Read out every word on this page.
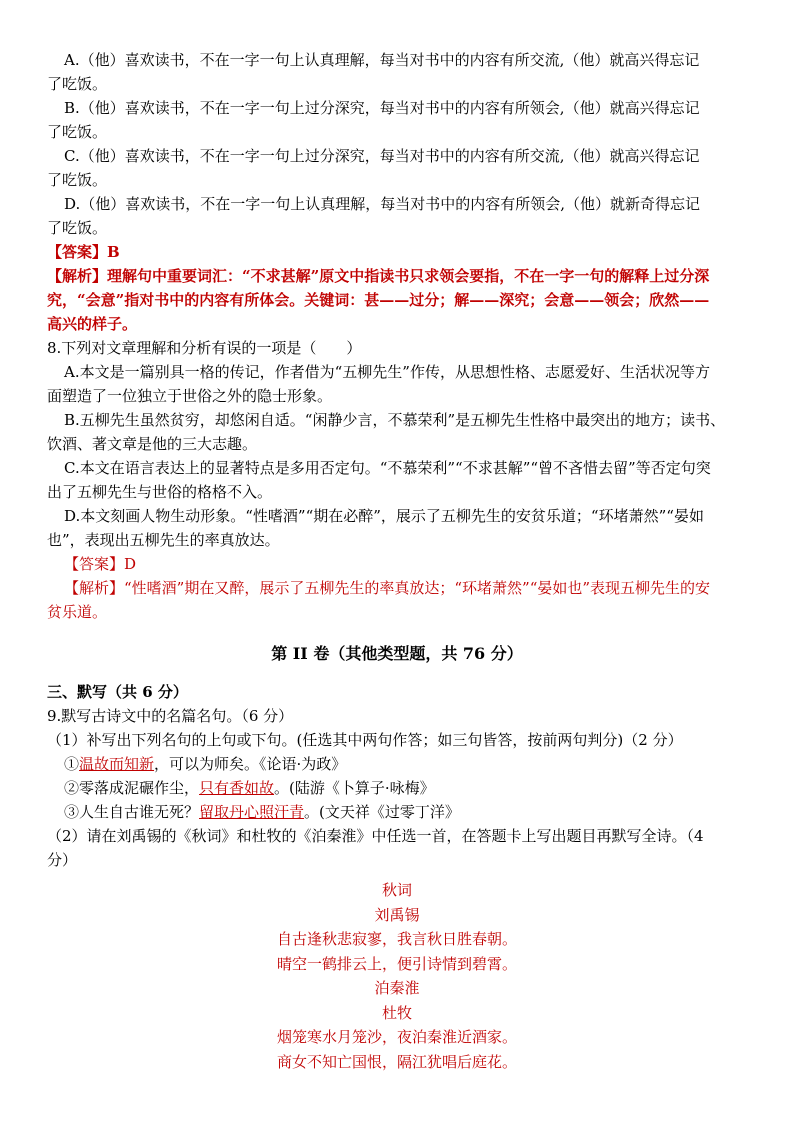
A.（他）喜欢读书，不在一字一句上认真理解，每当对书中的内容有所交流,（他）就高兴得忘记

了吃饭。

B.（他）喜欢读书，不在一字一句上过分深究，每当对书中的内容有所领会,（他）就高兴得忘记

了吃饭。

C.（他）喜欢读书，不在一字一句上过分深究，每当对书中的内容有所交流,（他）就高兴得忘记

了吃饭。

D.（他）喜欢读书，不在一字一句上认真理解，每当对书中的内容有所领会,（他）就新奇得忘记

了吃饭。

【答案】B

【解析】理解句中重要词汇：“不求甚解”原文中指读书只求领会要指，不在一字一句的解释上过分深

究，“会意”指对书中的内容有所体会。关键词：甚——过分；解——深究；会意——领会；欣然——

高兴的样子。

8.下列对文章理解和分析有误的一项是（　　）

A.本文是一篇别具一格的传记，作者借为“五柳先生”作传，从思想性格、志愿爱好、生活状况等方

面塑造了一位独立于世俗之外的隐士形象。

B.五柳先生虽然贫穷，却悠闲自适。“闲静少言，不慕荣利”是五柳先生性格中最突出的地方；读书、

饮酒、著文章是他的三大志趣。

C.本文在语言表达上的显著特点是多用否定句。“不慕荣利”“不求甚解”“曾不吝惜去留”等否定句突

出了五柳先生与世俗的格格不入。

D.本文刻画人物生动形象。“性嗜酒”“期在必醉”，展示了五柳先生的安贫乐道；“环堵萧然”“晏如

也”，表现出五柳先生的率真放达。

【答案】D

【解析】“性嗜酒”期在又醉，展示了五柳先生的率真放达；“环堵萧然”“晏如也”表现五柳先生的安

贫乐道。

第 II 卷（其他类型题，共 76 分）

三、默写（共 6 分）

9.默写古诗文中的名篇名句。（6 分）

（1）补写出下列名句的上句或下句。(任选其中两句作答；如三句皆答，按前两句判分)（2 分）

①温故而知新，可以为师矣。《论语·为政》

②零落成泥碾作尘，只有香如故。(陆游《卜算子·咏梅》

③人生自古谁无死？留取丹心照汗青。(文天祥《过零丁洋》

（2）请在刘禹锡的《秋词》和杜牧的《泊秦淮》中任选一首，在答题卡上写出题目再默写全诗。（4

分）

秋词

刘禹锡

自古逢秋悲寂寥，我言秋日胜春朝。

晴空一鹤排云上，便引诗情到碧霄。

泊秦淮

杜牧

烟笼寒水月笼沙，夜泊秦淮近酒家。

商女不知亡国恨，隔江犹唱后庭花。
